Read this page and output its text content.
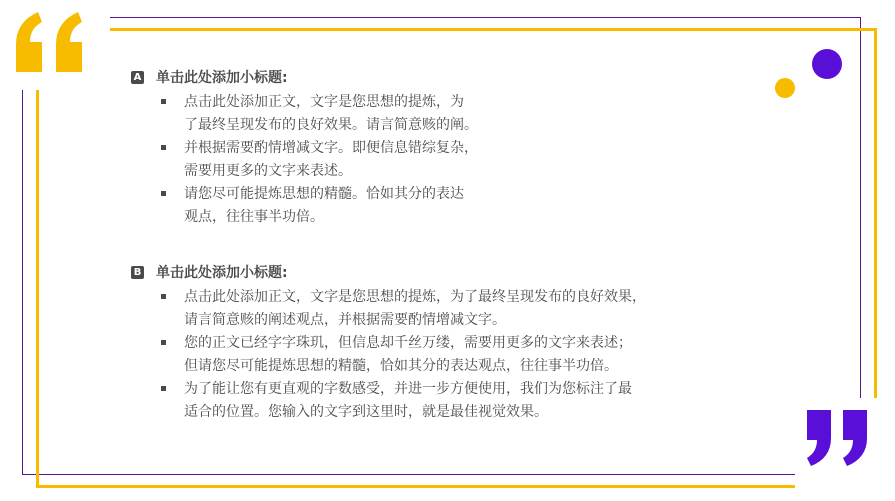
A 单击此处添加小标题:
点击此处添加正文，文字是您思想的提炼，为
了最终呈现发布的良好效果。请言简意赅的阐。
并根据需要酌情增减文字。即便信息错综复杂，
需要用更多的文字来表述。
请您尽可能提炼思想的精髓。恰如其分的表达
观点，往往事半功倍。
B 单击此处添加小标题:
点击此处添加正文，文字是您思想的提炼，为了最终呈现发布的良好效果，
请言简意赅的阐述观点，并根据需要酌情增减文字。
您的正文已经字字珠玑，但信息却千丝万缕，需要用更多的文字来表述；
但请您尽可能提炼思想的精髓，恰如其分的表达观点，往往事半功倍。
为了能让您有更直观的字数感受，并进一步方便使用，我们为您标注了最
适合的位置。您输入的文字到这里时，就是最佳视觉效果。
